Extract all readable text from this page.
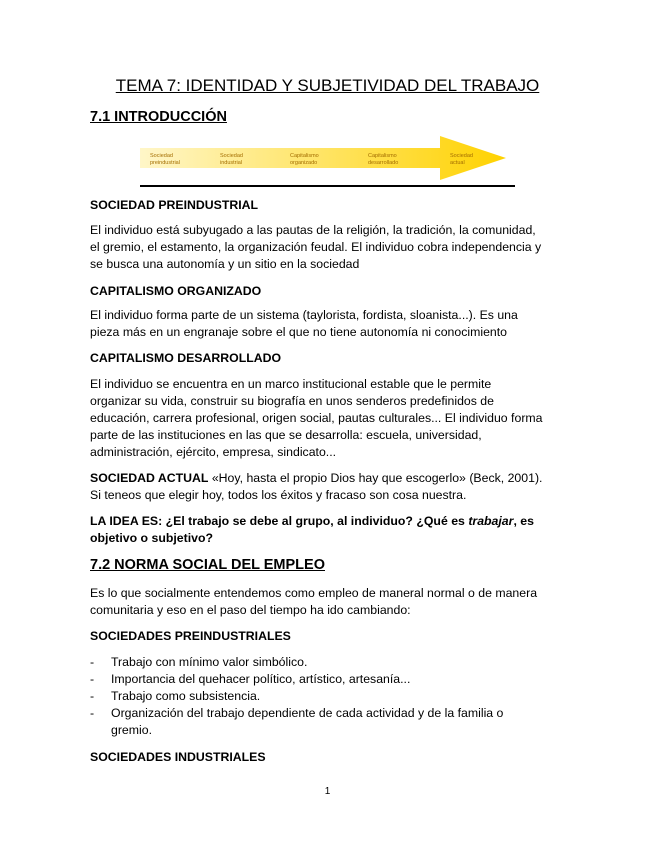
TEMA 7: IDENTIDAD Y SUBJETIVIDAD DEL TRABAJO
7.1 INTRODUCCIÓN
Sociedad preindustrial
Sociedad industrial
Capitalismo organizado
Capitalismo desarrollado
Sociedad actual
SOCIEDAD PREINDUSTRIAL
El individuo está subyugado a las pautas de la religión, la tradición, la comunidad,
el gremio, el estamento, la organización feudal. El individuo cobra independencia y
se busca una autonomía y un sitio en la sociedad
CAPITALISMO ORGANIZADO
El individuo forma parte de un sistema (taylorista, fordista, sloanista...). Es una
pieza más en un engranaje sobre el que no tiene autonomía ni conocimiento
CAPITALISMO DESARROLLADO
El individuo se encuentra en un marco institucional estable que le permite
organizar su vida, construir su biografía en unos senderos predefinidos de
educación, carrera profesional, origen social, pautas culturales... El individuo forma
parte de las instituciones en las que se desarrolla: escuela, universidad,
administración, ejército, empresa, sindicato...
SOCIEDAD ACTUAL «Hoy, hasta el propio Dios hay que escogerlo» (Beck, 2001).
Si teneos que elegir hoy, todos los éxitos y fracaso son cosa nuestra.
LA IDEA ES: ¿El trabajo se debe al grupo, al individuo? ¿Qué es trabajar, es
objetivo o subjetivo?
7.2 NORMA SOCIAL DEL EMPLEO
Es lo que socialmente entendemos como empleo de maneral normal o de manera
comunitaria y eso en el paso del tiempo ha ido cambiando:
SOCIEDADES PREINDUSTRIALES
- Trabajo con mínimo valor simbólico.
- Importancia del quehacer político, artístico, artesanía...
- Trabajo como subsistencia.
- Organización del trabajo dependiente de cada actividad y de la familia o
gremio.
SOCIEDADES INDUSTRIALES
1
